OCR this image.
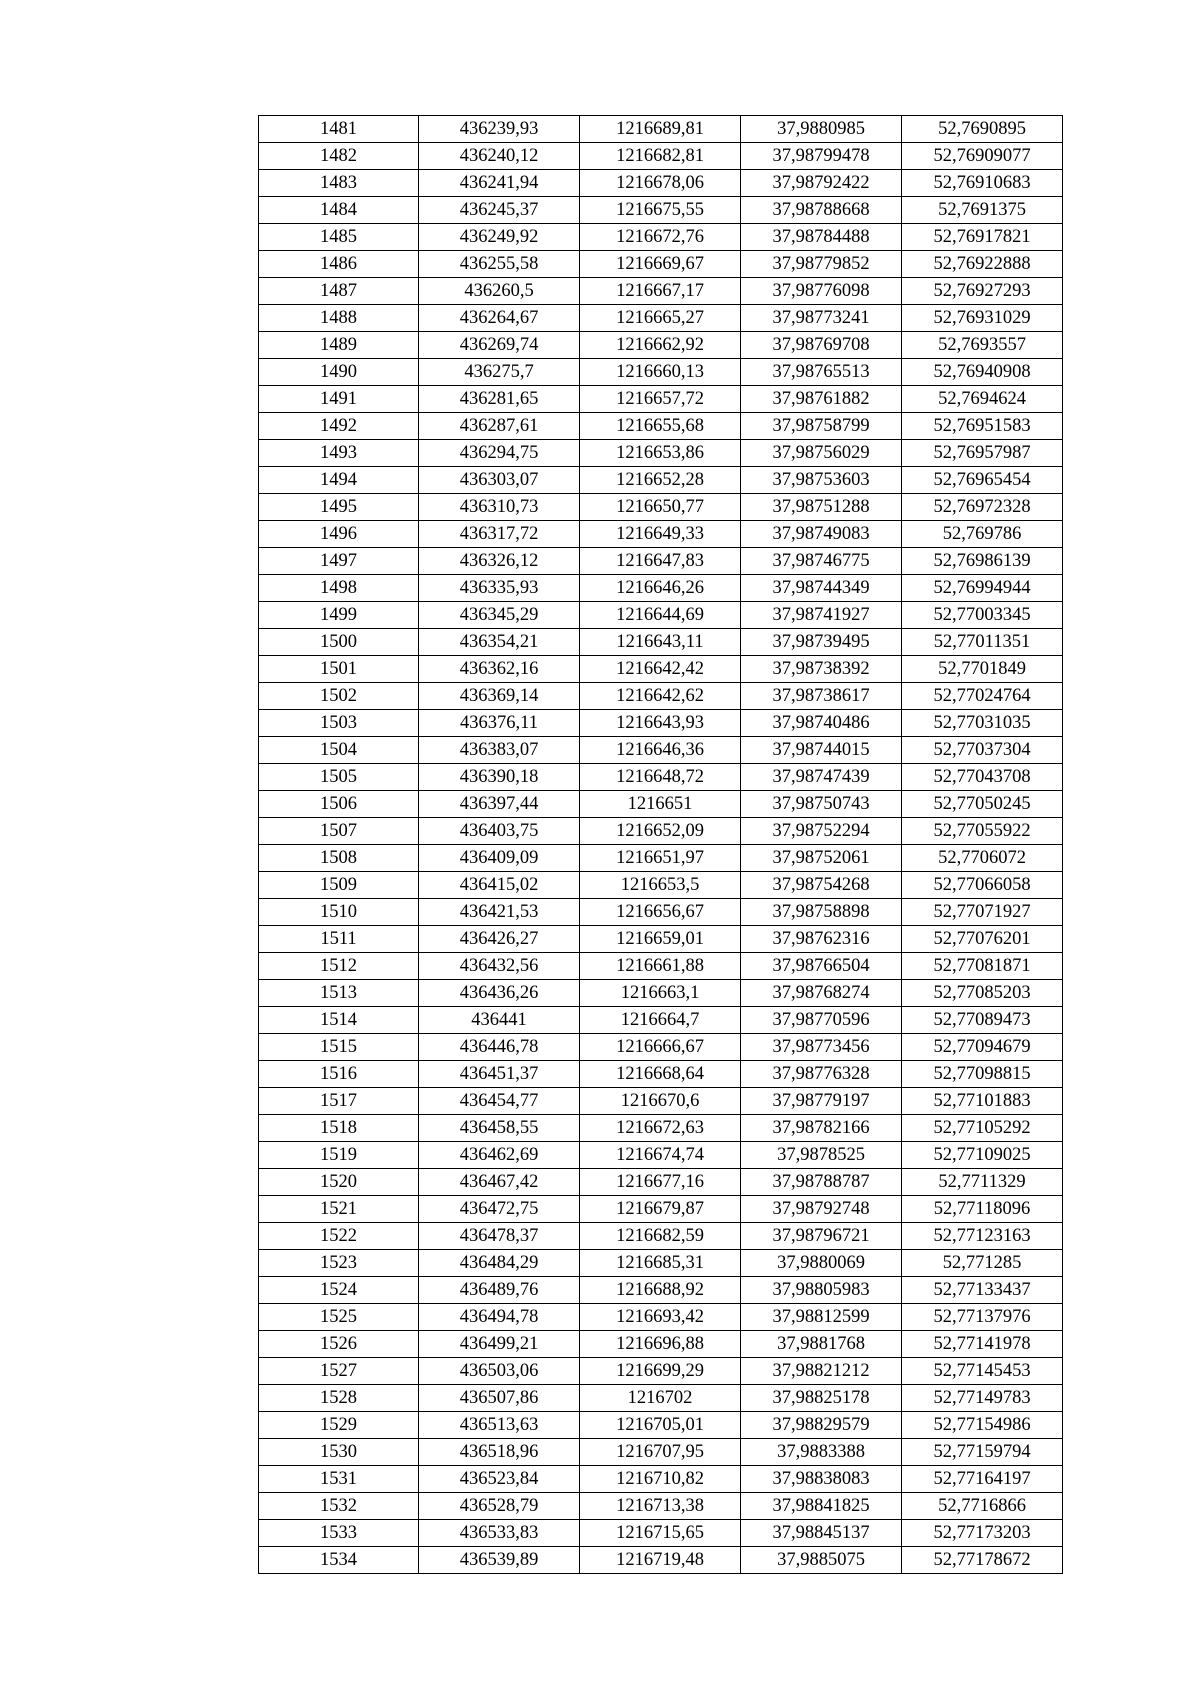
1481	436239,93	1216689,81	37,9880985	52,7690895
1482	436240,12	1216682,81	37,98799478	52,76909077
1483	436241,94	1216678,06	37,98792422	52,76910683
1484	436245,37	1216675,55	37,98788668	52,7691375
1485	436249,92	1216672,76	37,98784488	52,76917821
1486	436255,58	1216669,67	37,98779852	52,76922888
1487	436260,5	1216667,17	37,98776098	52,76927293
1488	436264,67	1216665,27	37,98773241	52,76931029
1489	436269,74	1216662,92	37,98769708	52,7693557
1490	436275,7	1216660,13	37,98765513	52,76940908
1491	436281,65	1216657,72	37,98761882	52,7694624
1492	436287,61	1216655,68	37,98758799	52,76951583
1493	436294,75	1216653,86	37,98756029	52,76957987
1494	436303,07	1216652,28	37,98753603	52,76965454
1495	436310,73	1216650,77	37,98751288	52,76972328
1496	436317,72	1216649,33	37,98749083	52,769786
1497	436326,12	1216647,83	37,98746775	52,76986139
1498	436335,93	1216646,26	37,98744349	52,76994944
1499	436345,29	1216644,69	37,98741927	52,77003345
1500	436354,21	1216643,11	37,98739495	52,77011351
1501	436362,16	1216642,42	37,98738392	52,7701849
1502	436369,14	1216642,62	37,98738617	52,77024764
1503	436376,11	1216643,93	37,98740486	52,77031035
1504	436383,07	1216646,36	37,98744015	52,77037304
1505	436390,18	1216648,72	37,98747439	52,77043708
1506	436397,44	1216651	37,98750743	52,77050245
1507	436403,75	1216652,09	37,98752294	52,77055922
1508	436409,09	1216651,97	37,98752061	52,7706072
1509	436415,02	1216653,5	37,98754268	52,77066058
1510	436421,53	1216656,67	37,98758898	52,77071927
1511	436426,27	1216659,01	37,98762316	52,77076201
1512	436432,56	1216661,88	37,98766504	52,77081871
1513	436436,26	1216663,1	37,98768274	52,77085203
1514	436441	1216664,7	37,98770596	52,77089473
1515	436446,78	1216666,67	37,98773456	52,77094679
1516	436451,37	1216668,64	37,98776328	52,77098815
1517	436454,77	1216670,6	37,98779197	52,77101883
1518	436458,55	1216672,63	37,98782166	52,77105292
1519	436462,69	1216674,74	37,9878525	52,77109025
1520	436467,42	1216677,16	37,98788787	52,7711329
1521	436472,75	1216679,87	37,98792748	52,77118096
1522	436478,37	1216682,59	37,98796721	52,77123163
1523	436484,29	1216685,31	37,9880069	52,771285
1524	436489,76	1216688,92	37,98805983	52,77133437
1525	436494,78	1216693,42	37,98812599	52,77137976
1526	436499,21	1216696,88	37,9881768	52,77141978
1527	436503,06	1216699,29	37,98821212	52,77145453
1528	436507,86	1216702	37,98825178	52,77149783
1529	436513,63	1216705,01	37,98829579	52,77154986
1530	436518,96	1216707,95	37,9883388	52,77159794
1531	436523,84	1216710,82	37,98838083	52,77164197
1532	436528,79	1216713,38	37,98841825	52,7716866
1533	436533,83	1216715,65	37,98845137	52,77173203
1534	436539,89	1216719,48	37,9885075	52,77178672
